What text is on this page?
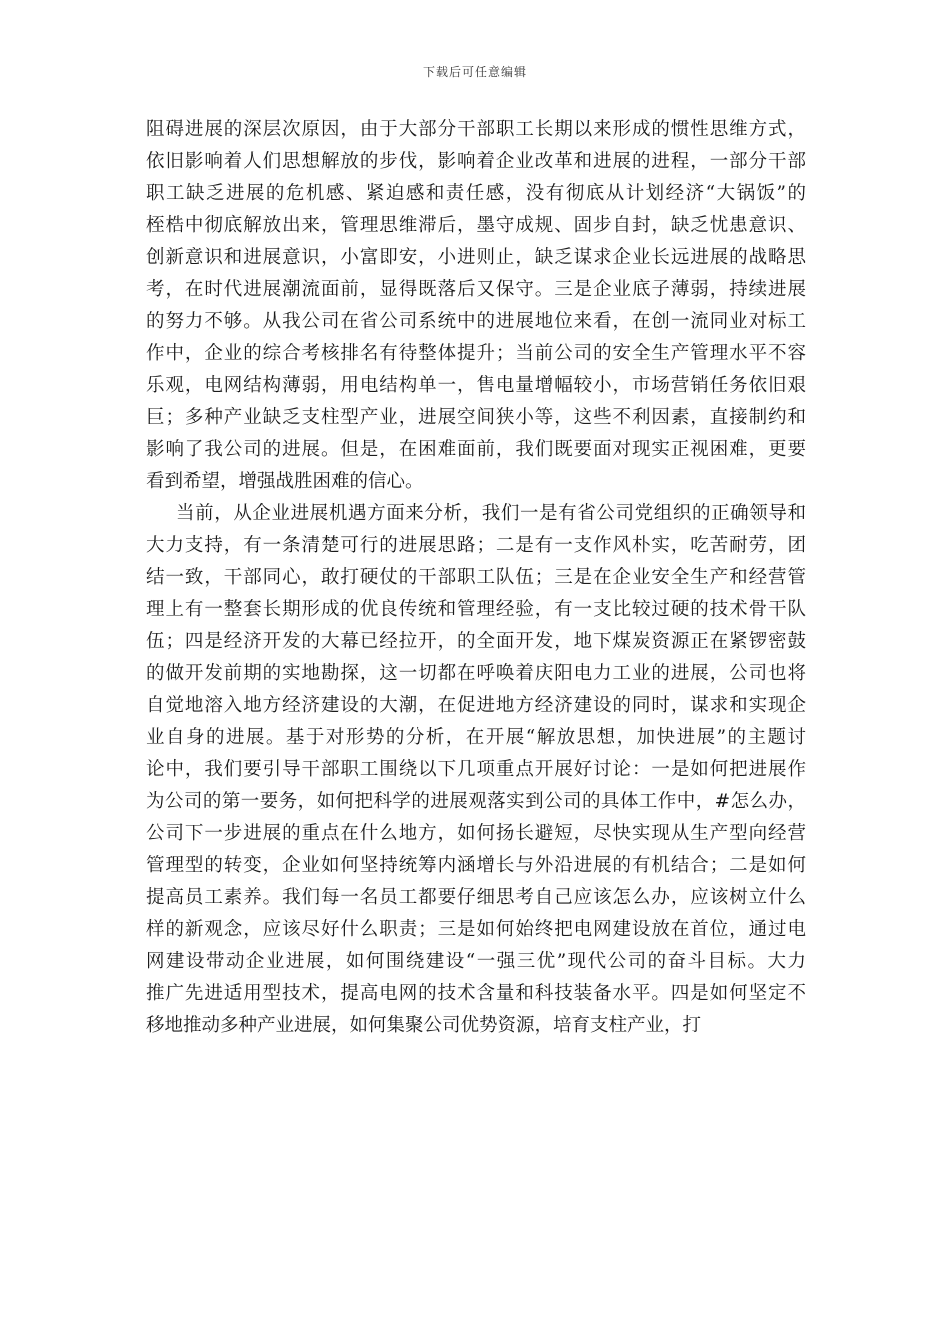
下载后可任意编辑
阻碍进展的深层次原因，由于大部分干部职工长期以来形成的惯性思维方式，
依旧影响着人们思想解放的步伐，影响着企业改革和进展的进程，一部分干部
职工缺乏进展的危机感、紧迫感和责任感，没有彻底从计划经济“大锅饭”的
桎梏中彻底解放出来，管理思维滞后，墨守成规、固步自封，缺乏忧患意识、
创新意识和进展意识，小富即安，小进则止，缺乏谋求企业长远进展的战略思
考，在时代进展潮流面前，显得既落后又保守。三是企业底子薄弱，持续进展
的努力不够。从我公司在省公司系统中的进展地位来看，在创一流同业对标工
作中，企业的综合考核排名有待整体提升；当前公司的安全生产管理水平不容
乐观，电网结构薄弱，用电结构单一，售电量增幅较小，市场营销任务依旧艰
巨；多种产业缺乏支柱型产业，进展空间狭小等，这些不利因素，直接制约和
影响了我公司的进展。但是，在困难面前，我们既要面对现实正视困难，更要
看到希望，增强战胜困难的信心。
当前，从企业进展机遇方面来分析，我们一是有省公司党组织的正确领导和
大力支持，有一条清楚可行的进展思路；二是有一支作风朴实，吃苦耐劳，团
结一致，干部同心，敢打硬仗的干部职工队伍；三是在企业安全生产和经营管
理上有一整套长期形成的优良传统和管理经验，有一支比较过硬的技术骨干队
伍；四是经济开发的大幕已经拉开，的全面开发，地下煤炭资源正在紧锣密鼓
的做开发前期的实地勘探，这一切都在呼唤着庆阳电力工业的进展，公司也将
自觉地溶入地方经济建设的大潮，在促进地方经济建设的同时，谋求和实现企
业自身的进展。基于对形势的分析，在开展“解放思想，加快进展”的主题讨
论中，我们要引导干部职工围绕以下几项重点开展好讨论：一是如何把进展作
为公司的第一要务，如何把科学的进展观落实到公司的具体工作中，#怎么办，
公司下一步进展的重点在什么地方，如何扬长避短，尽快实现从生产型向经营
管理型的转变，企业如何坚持统筹内涵增长与外沿进展的有机结合；二是如何
提高员工素养。我们每一名员工都要仔细思考自己应该怎么办，应该树立什么
样的新观念，应该尽好什么职责；三是如何始终把电网建设放在首位，通过电
网建设带动企业进展，如何围绕建设“一强三优”现代公司的奋斗目标。大力
推广先进适用型技术，提高电网的技术含量和科技装备水平。四是如何坚定不
移地推动多种产业进展，如何集聚公司优势资源，培育支柱产业，打
